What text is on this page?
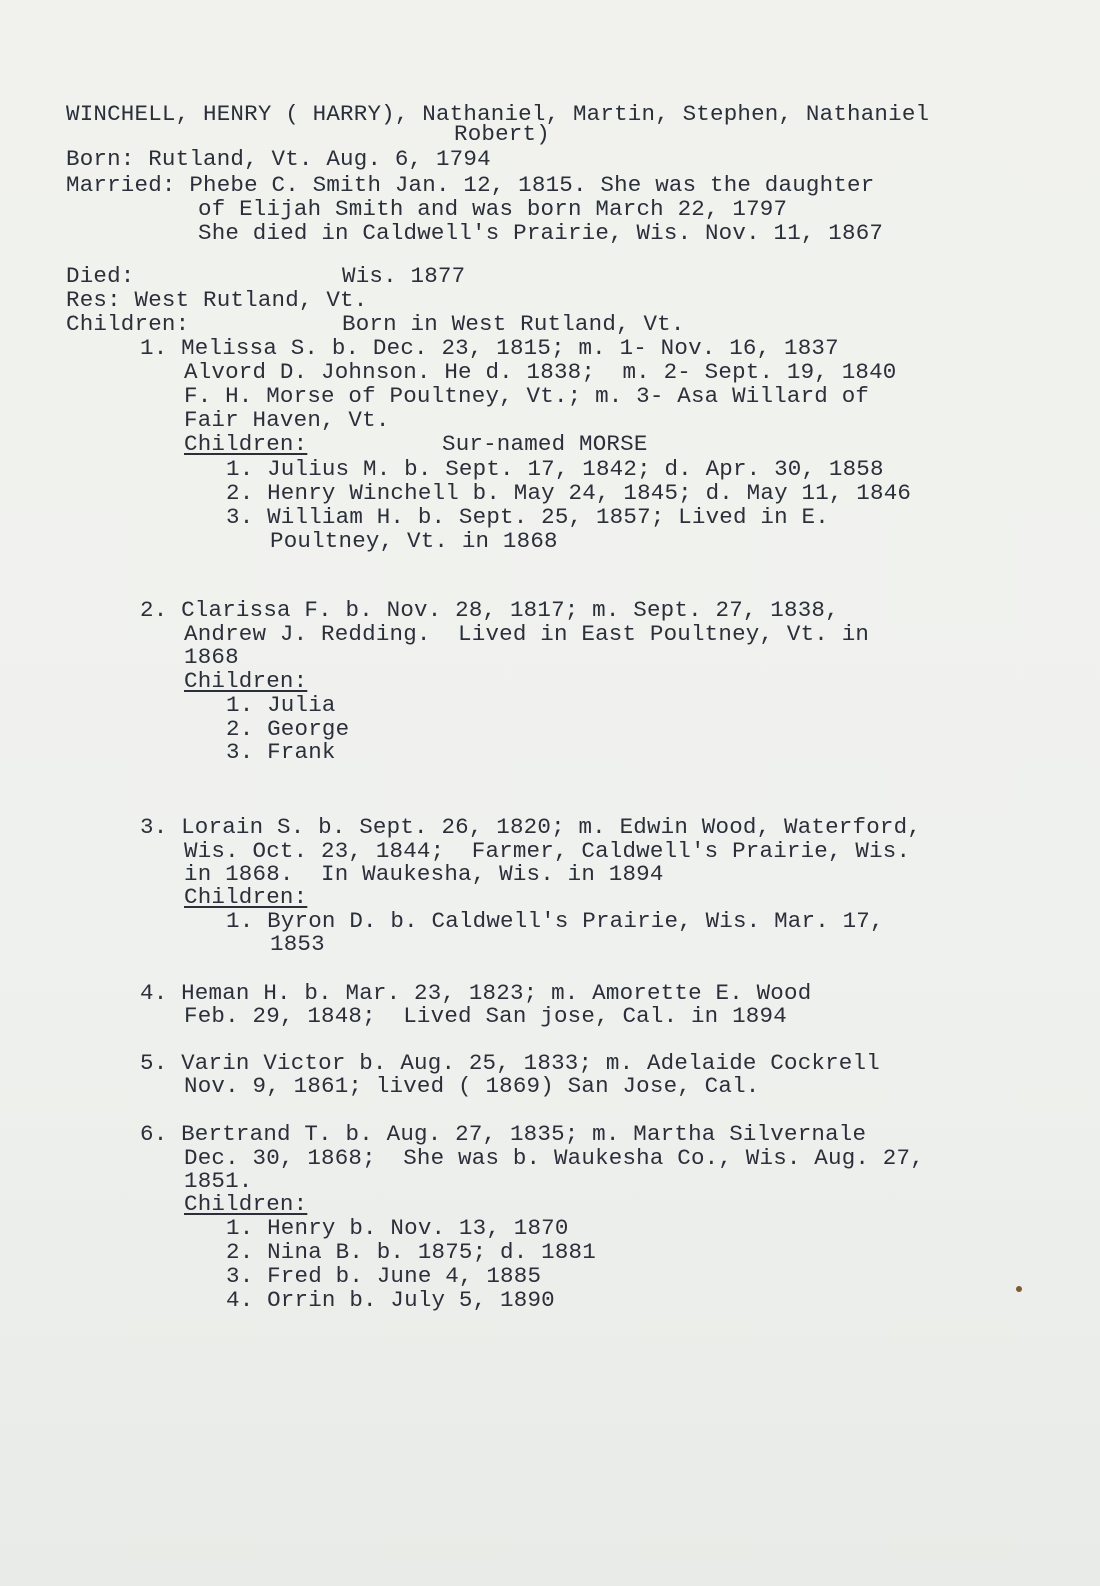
WINCHELL, HENRY ( HARRY), Nathaniel, Martin, Stephen, Nathaniel
Robert)
Born: Rutland, Vt. Aug. 6, 1794
Married: Phebe C. Smith Jan. 12, 1815. She was the daughter
of Elijah Smith and was born March 22, 1797
She died in Caldwell's Prairie, Wis. Nov. 11, 1867
Died:	Wis. 1877
Res: West Rutland, Vt.
Children:	Born in West Rutland, Vt.
1. Melissa S. b. Dec. 23, 1815; m. 1- Nov. 16, 1837
Alvord D. Johnson. He d. 1838;  m. 2- Sept. 19, 1840
F. H. Morse of Poultney, Vt.; m. 3- Asa Willard of
Fair Haven, Vt.
Children:	Sur-named MORSE
1. Julius M. b. Sept. 17, 1842; d. Apr. 30, 1858
2. Henry Winchell b. May 24, 1845; d. May 11, 1846
3. William H. b. Sept. 25, 1857; Lived in E.
Poultney, Vt. in 1868
2. Clarissa F. b. Nov. 28, 1817; m. Sept. 27, 1838,
Andrew J. Redding.  Lived in East Poultney, Vt. in
1868
Children:
1. Julia
2. George
3. Frank
3. Lorain S. b. Sept. 26, 1820; m. Edwin Wood, Waterford,
Wis. Oct. 23, 1844;  Farmer, Caldwell's Prairie, Wis.
in 1868.  In Waukesha, Wis. in 1894
Children:
1. Byron D. b. Caldwell's Prairie, Wis. Mar. 17,
1853
4. Heman H. b. Mar. 23, 1823; m. Amorette E. Wood
Feb. 29, 1848;  Lived San jose, Cal. in 1894
5. Varin Victor b. Aug. 25, 1833; m. Adelaide Cockrell
Nov. 9, 1861; lived ( 1869) San Jose, Cal.
6. Bertrand T. b. Aug. 27, 1835; m. Martha Silvernale
Dec. 30, 1868;  She was b. Waukesha Co., Wis. Aug. 27,
1851.
Children:
1. Henry b. Nov. 13, 1870
2. Nina B. b. 1875; d. 1881
3. Fred b. June 4, 1885
4. Orrin b. July 5, 1890
